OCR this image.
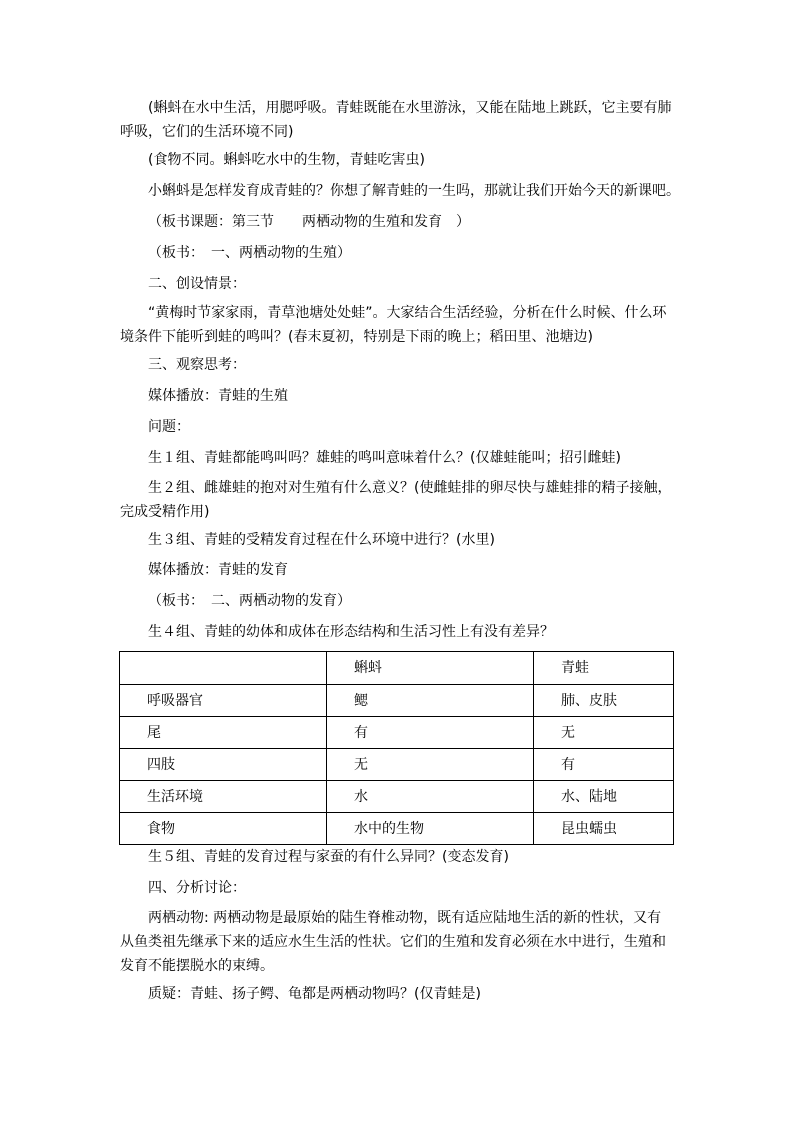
(蝌蚪在水中生活，用腮呼吸。青蛙既能在水里游泳，又能在陆地上跳跃，它主要有肺呼吸，它们的生活环境不同)
(食物不同。蝌蚪吃水中的生物，青蛙吃害虫)
小蝌蚪是怎样发育成青蛙的？你想了解青蛙的一生吗，那就让我们开始今天的新课吧。
（板书课题：第三节　　两栖动物的生殖和发育　）
（板书：　一、两栖动物的生殖）
二、创设情景：
“黄梅时节家家雨，青草池塘处处蛙”。大家结合生活经验，分析在什么时候、什么环境条件下能听到蛙的鸣叫？(春末夏初，特别是下雨的晚上；稻田里、池塘边)
三、观察思考：
媒体播放：青蛙的生殖
问题：
生１组、青蛙都能鸣叫吗？雄蛙的鸣叫意味着什么？(仅雄蛙能叫；招引雌蛙)
生２组、雌雄蛙的抱对对生殖有什么意义？(使雌蛙排的卵尽快与雄蛙排的精子接触，完成受精作用)
生３组、青蛙的受精发育过程在什么环境中进行？(水里)
媒体播放：青蛙的发育
（板书：　二、两栖动物的发育）
生４组、青蛙的幼体和成体在形态结构和生活习性上有没有差异？
	蝌蚪	青蛙
呼吸器官	鳃	肺、皮肤
尾	有	无
四肢	无	有
生活环境	水	水、陆地
食物	水中的生物	昆虫蠕虫
生５组、青蛙的发育过程与家蚕的有什么异同？(变态发育)
四、分析讨论：
两栖动物: 两栖动物是最原始的陆生脊椎动物，既有适应陆地生活的新的性状，又有从鱼类祖先继承下来的适应水生生活的性状。它们的生殖和发育必须在水中进行，生殖和发育不能摆脱水的束缚。
质疑：青蛙、扬子鳄、龟都是两栖动物吗？(仅青蛙是)
